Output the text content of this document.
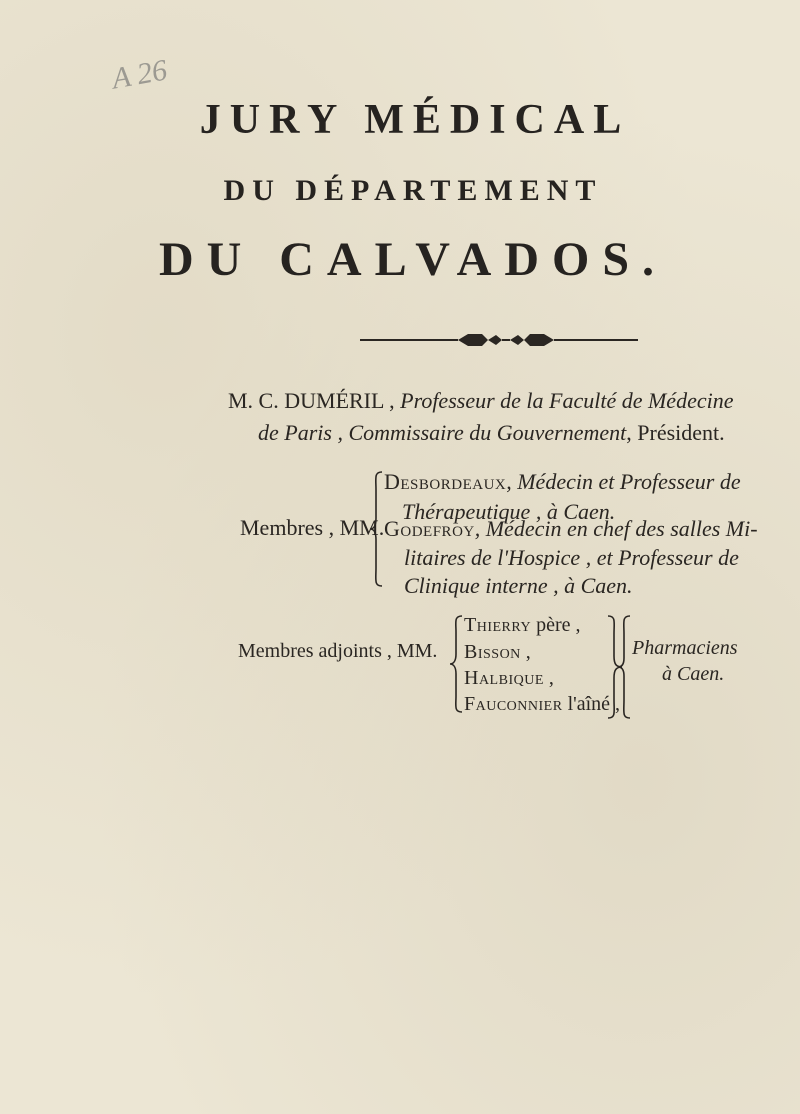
A 26
JURY MÉDICAL
DU DÉPARTEMENT
DU CALVADOS.
M. C. DUMÉRIL , Professeur de la Faculté de Médecine
de Paris , Commissaire du Gouvernement, Président.
Membres , MM.
Desbordeaux, Médecin et Professeur de
Thérapeutique , à Caen.
Godefroy, Médecin en chef des salles Mi-
litaires de l'Hospice , et Professeur de
Clinique interne , à Caen.
Membres adjoints , MM.
Thierry père ,
Bisson ,
Halbique ,
Fauconnier l'aîné ,
Pharmaciens
à Caen.
